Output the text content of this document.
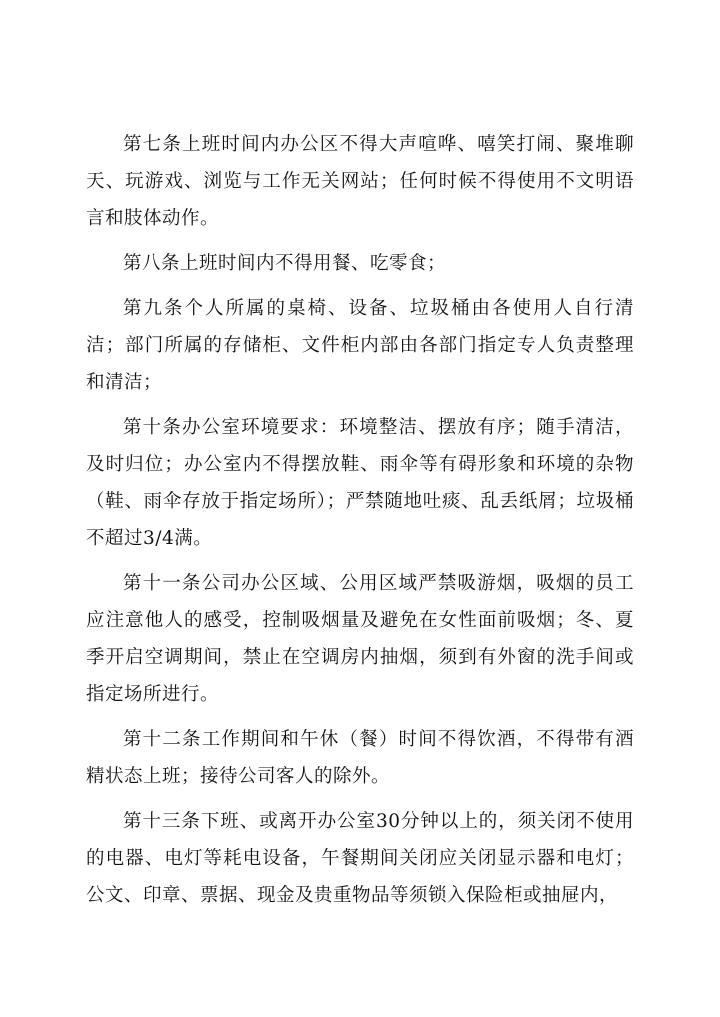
第七条上班时间内办公区不得大声喧哗、嘻笑打闹、聚堆聊天、玩游戏、浏览与工作无关网站；任何时候不得使用不文明语言和肢体动作。

第八条上班时间内不得用餐、吃零食；

第九条个人所属的桌椅、设备、垃圾桶由各使用人自行清洁；部门所属的存储柜、文件柜内部由各部门指定专人负责整理和清洁；

第十条办公室环境要求：环境整洁、摆放有序；随手清洁，及时归位；办公室内不得摆放鞋、雨伞等有碍形象和环境的杂物（鞋、雨伞存放于指定场所）；严禁随地吐痰、乱丢纸屑；垃圾桶不超过3/4满。

第十一条公司办公区域、公用区域严禁吸游烟，吸烟的员工应注意他人的感受，控制吸烟量及避免在女性面前吸烟；冬、夏季开启空调期间，禁止在空调房内抽烟，须到有外窗的洗手间或指定场所进行。

第十二条工作期间和午休（餐）时间不得饮酒，不得带有酒精状态上班；接待公司客人的除外。

第十三条下班、或离开办公室30分钟以上的，须关闭不使用的电器、电灯等耗电设备，午餐期间关闭应关闭显示器和电灯；公文、印章、票据、现金及贵重物品等须锁入保险柜或抽屉内，
